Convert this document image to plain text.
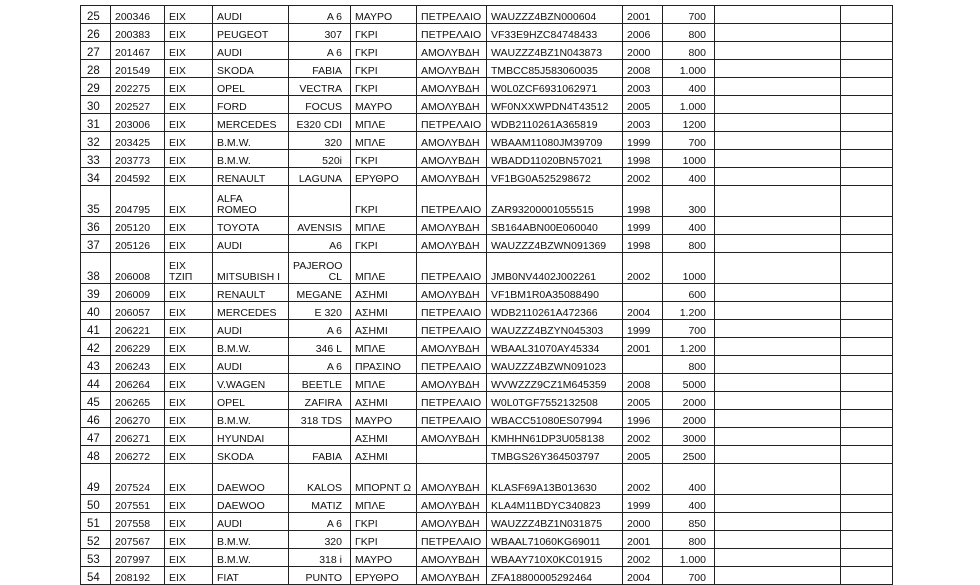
25	200346	ΕΙΧ	AUDI	Α 6	ΜΑΥΡΟ	ΠΕΤΡΕΛΑΙΟ	WAUZZZ4BZN000604	2001	700		
26	200383	ΕΙΧ	PEUGEOT	307	ΓΚΡΙ	ΠΕΤΡΕΛΑΙΟ	VF33E9HZC84748433	2006	800		
27	201467	ΕΙΧ	AUDI	Α 6	ΓΚΡΙ	ΑΜΟΛΥΒΔΗ	WAUZZZ4BZ1N043873	2000	800		
28	201549	ΕΙΧ	SKODA	FABIA	ΓΚΡΙ	ΑΜΟΛΥΒΔΗ	TMBCC85J583060035	2008	1.000		
29	202275	ΕΙΧ	OPEL	VECTRA	ΓΚΡΙ	ΑΜΟΛΥΒΔΗ	W0L0ZCF6931062971	2003	400		
30	202527	ΕΙΧ	FORD	FOCUS	ΜΑΥΡΟ	ΑΜΟΛΥΒΔΗ	WF0NXXWPDN4T43512	2005	1.000		
31	203006	ΕΙΧ	MERCEDES	E320 CDI	ΜΠΛΕ	ΠΕΤΡΕΛΑΙΟ	WDB2110261A365819	2003	1200		
32	203425	ΕΙΧ	B.M.W.	320	ΜΠΛΕ	ΑΜΟΛΥΒΔΗ	WBAAM11080JM39709	1999	700		
33	203773	ΕΙΧ	B.M.W.	520i	ΓΚΡΙ	ΑΜΟΛΥΒΔΗ	WBADD11020BN57021	1998	1000		
34	204592	ΕΙΧ	RENAULT	LAGUNA	ΕΡΥΘΡΟ	ΑΜΟΛΥΒΔΗ	VF1BG0A525298672	2002	400		
35	204795	ΕΙΧ	ALFA ROMEO		ΓΚΡΙ	ΠΕΤΡΕΛΑΙΟ	ZAR93200001055515	1998	300		
36	205120	ΕΙΧ	TOYOTA	AVENSIS	ΜΠΛΕ	ΑΜΟΛΥΒΔΗ	SB164ABN00E060040	1999	400		
37	205126	ΕΙΧ	AUDI	A6	ΓΚΡΙ	ΑΜΟΛΥΒΔΗ	WAUZZZ4BZWN091369	1998	800		
38	206008	ΕΙΧ ΤΖΙΠ	MITSUBISH I	PAJEROO CL	ΜΠΛΕ	ΠΕΤΡΕΛΑΙΟ	JMB0NV4402J002261	2002	1000		
39	206009	ΕΙΧ	RENAULT	MEGANE	ΑΣΗΜΙ	ΑΜΟΛΥΒΔΗ	VF1BM1R0A35088490		600		
40	206057	ΕΙΧ	MERCEDES	E 320	ΑΣΗΜΙ	ΠΕΤΡΕΛΑΙΟ	WDB2110261A472366	2004	1.200		
41	206221	ΕΙΧ	AUDI	A 6	ΑΣΗΜΙ	ΠΕΤΡΕΛΑΙΟ	WAUZZZ4BZYN045303	1999	700		
42	206229	ΕΙΧ	B.M.W.	346 L	ΜΠΛΕ	ΑΜΟΛΥΒΔΗ	WBAAL31070AY45334	2001	1.200		
43	206243	ΕΙΧ	AUDI	A 6	ΠΡΑΣΙΝΟ	ΠΕΤΡΕΛΑΙΟ	WAUZZZ4BZWN091023		800		
44	206264	ΕΙΧ	V.WAGEN	BEETLE	ΜΠΛΕ	ΑΜΟΛΥΒΔΗ	WVWZZZ9CZ1M645359	2008	5000		
45	206265	ΕΙΧ	OPEL	ZAFIRA	ΑΣΗΜΙ	ΠΕΤΡΕΛΑΙΟ	W0L0TGF7552132508	2005	2000		
46	206270	ΕΙΧ	B.M.W.	318 TDS	ΜΑΥΡΟ	ΠΕΤΡΕΛΑΙΟ	WBACC51080ES07994	1996	2000		
47	206271	ΕΙΧ	HYUNDAI		ΑΣΗΜΙ	ΑΜΟΛΥΒΔΗ	KMHHN61DP3U058138	2002	3000		
48	206272	ΕΙΧ	SKODA	FABIA	ΑΣΗΜΙ		TMBGS26Y364503797	2005	2500		
49	207524	ΕΙΧ	DAEWOO	KALOS	ΜΠΟΡΝΤ Ω	ΑΜΟΛΥΒΔΗ	KLASF69A13B013630	2002	400		
50	207551	ΕΙΧ	DAEWOO	MATIZ	ΜΠΛΕ	ΑΜΟΛΥΒΔΗ	KLA4M11BDYC340823	1999	400		
51	207558	ΕΙΧ	AUDI	Α 6	ΓΚΡΙ	ΑΜΟΛΥΒΔΗ	WAUZZZ4BZ1N031875	2000	850		
52	207567	ΕΙΧ	B.M.W.	320	ΓΚΡΙ	ΠΕΤΡΕΛΑΙΟ	WBAAL71060KG69011	2001	800		
53	207997	ΕΙΧ	B.M.W.	318 i	ΜΑΥΡΟ	ΑΜΟΛΥΒΔΗ	WBAAY710X0KC01915	2002	1.000		
54	208192	ΕΙΧ	FIAT	PUNTO	ΕΡΥΘΡΟ	ΑΜΟΛΥΒΔΗ	ZFA18800005292464	2004	700		
